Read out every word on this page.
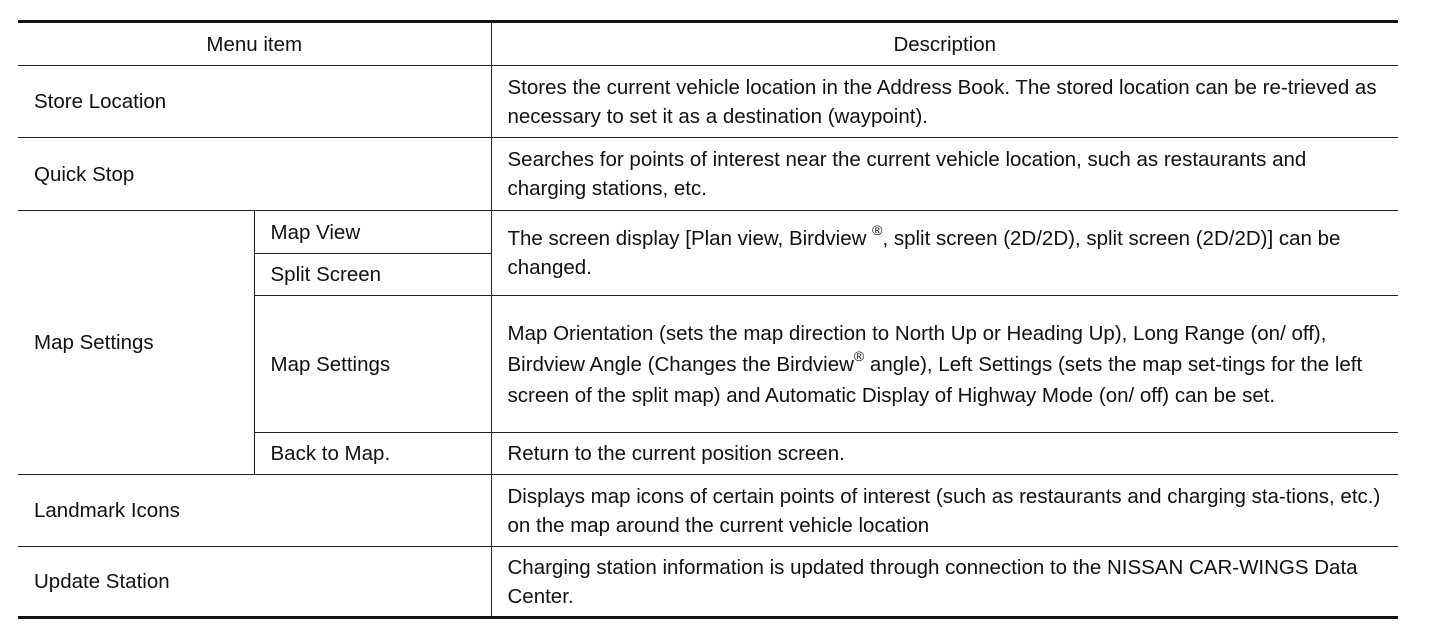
Menu item		Description
Store Location		Stores the current vehicle location in the Address Book. The stored location can be re-trieved as necessary to set it as a destination (waypoint).
Quick Stop		Searches for points of interest near the current vehicle location, such as restaurants and charging stations, etc.
Map Settings	Map View	The screen display [Plan view, Birdview ®, split screen (2D/2D), split screen (2D/2D)] can be changed.
	Split Screen	
	Map Settings	Map Orientation (sets the map direction to North Up or Heading Up), Long Range (on/ off), Birdview Angle (Changes the Birdview® angle), Left Settings (sets the map set-tings for the left screen of the split map) and Automatic Display of Highway Mode (on/ off) can be set.
	Back to Map.	Return to the current position screen.
Landmark Icons		Displays map icons of certain points of interest (such as restaurants and charging sta-tions, etc.) on the map around the current vehicle location
Update Station		Charging station information is updated through connection to the NISSAN CAR-WINGS Data Center.
